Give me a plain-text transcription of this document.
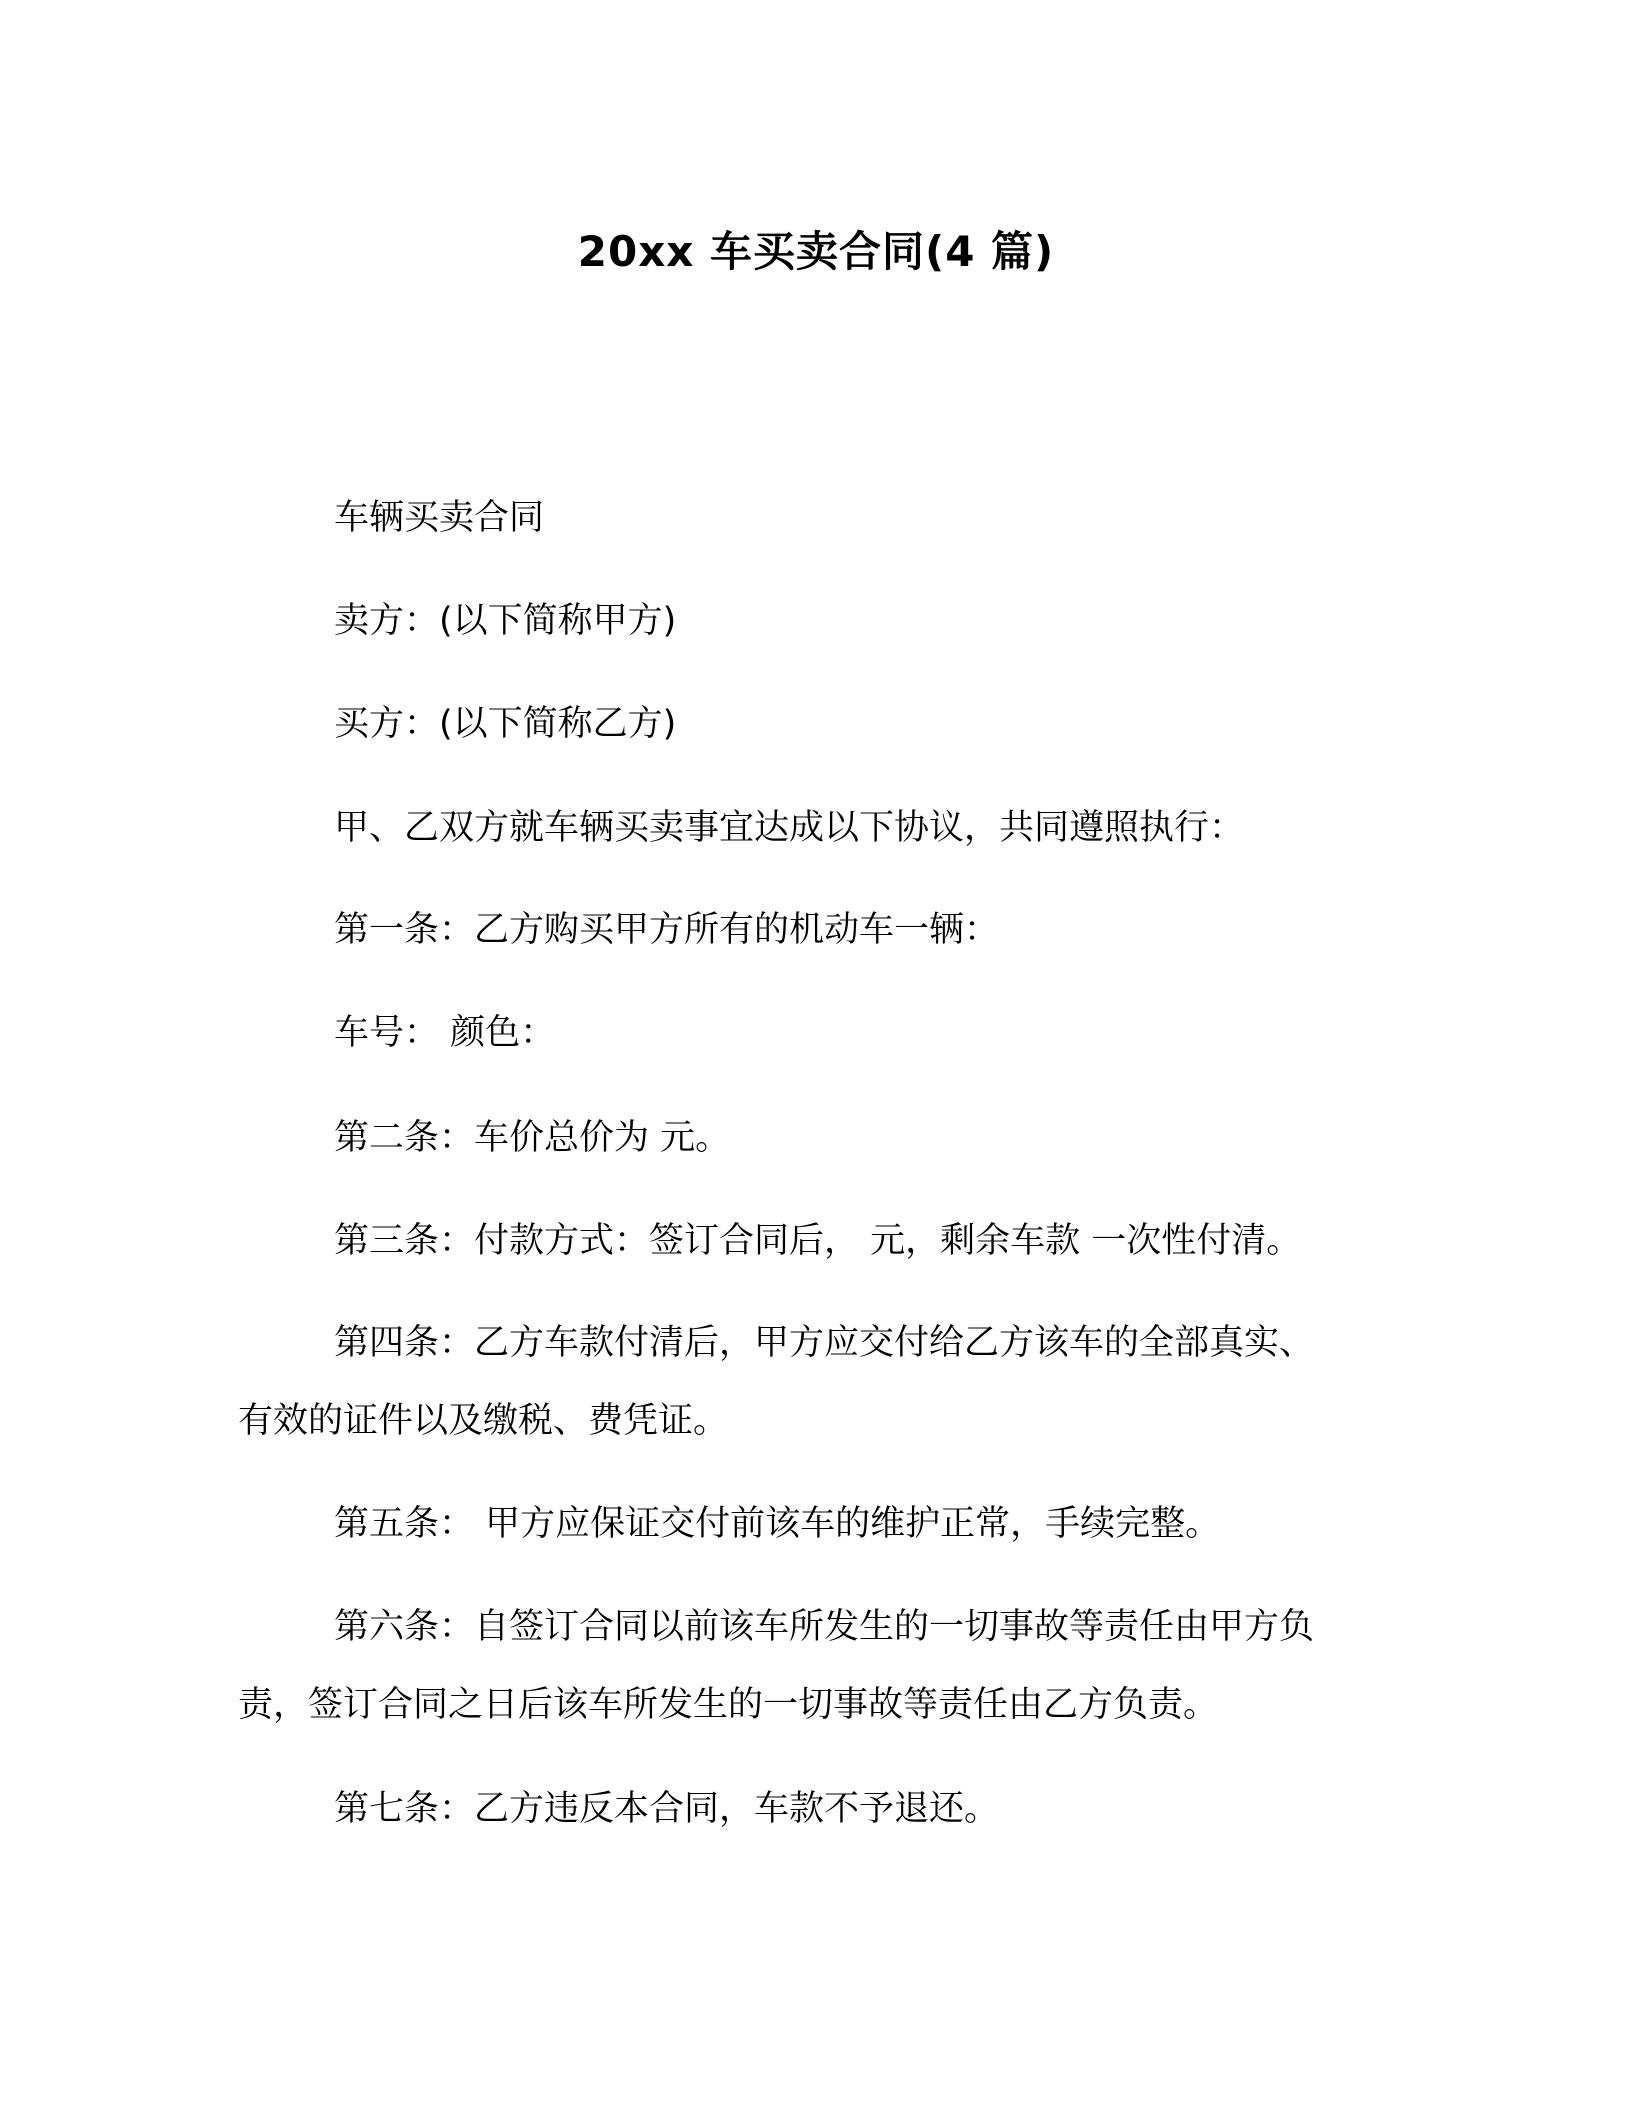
20xx 车买卖合同(4 篇)
车辆买卖合同
卖方：(以下简称甲方)
买方：(以下简称乙方)
甲、乙双方就车辆买卖事宜达成以下协议，共同遵照执行：
第一条：乙方购买甲方所有的机动车一辆：
车号： 颜色：
第二条：车价总价为 元。
第三条：付款方式：签订合同后， 元，剩余车款 一次性付清。
第四条：乙方车款付清后，甲方应交付给乙方该车的全部真实、
有效的证件以及缴税、费凭证。
第五条： 甲方应保证交付前该车的维护正常，手续完整。
第六条：自签订合同以前该车所发生的一切事故等责任由甲方负
责，签订合同之日后该车所发生的一切事故等责任由乙方负责。
第七条：乙方违反本合同，车款不予退还。
